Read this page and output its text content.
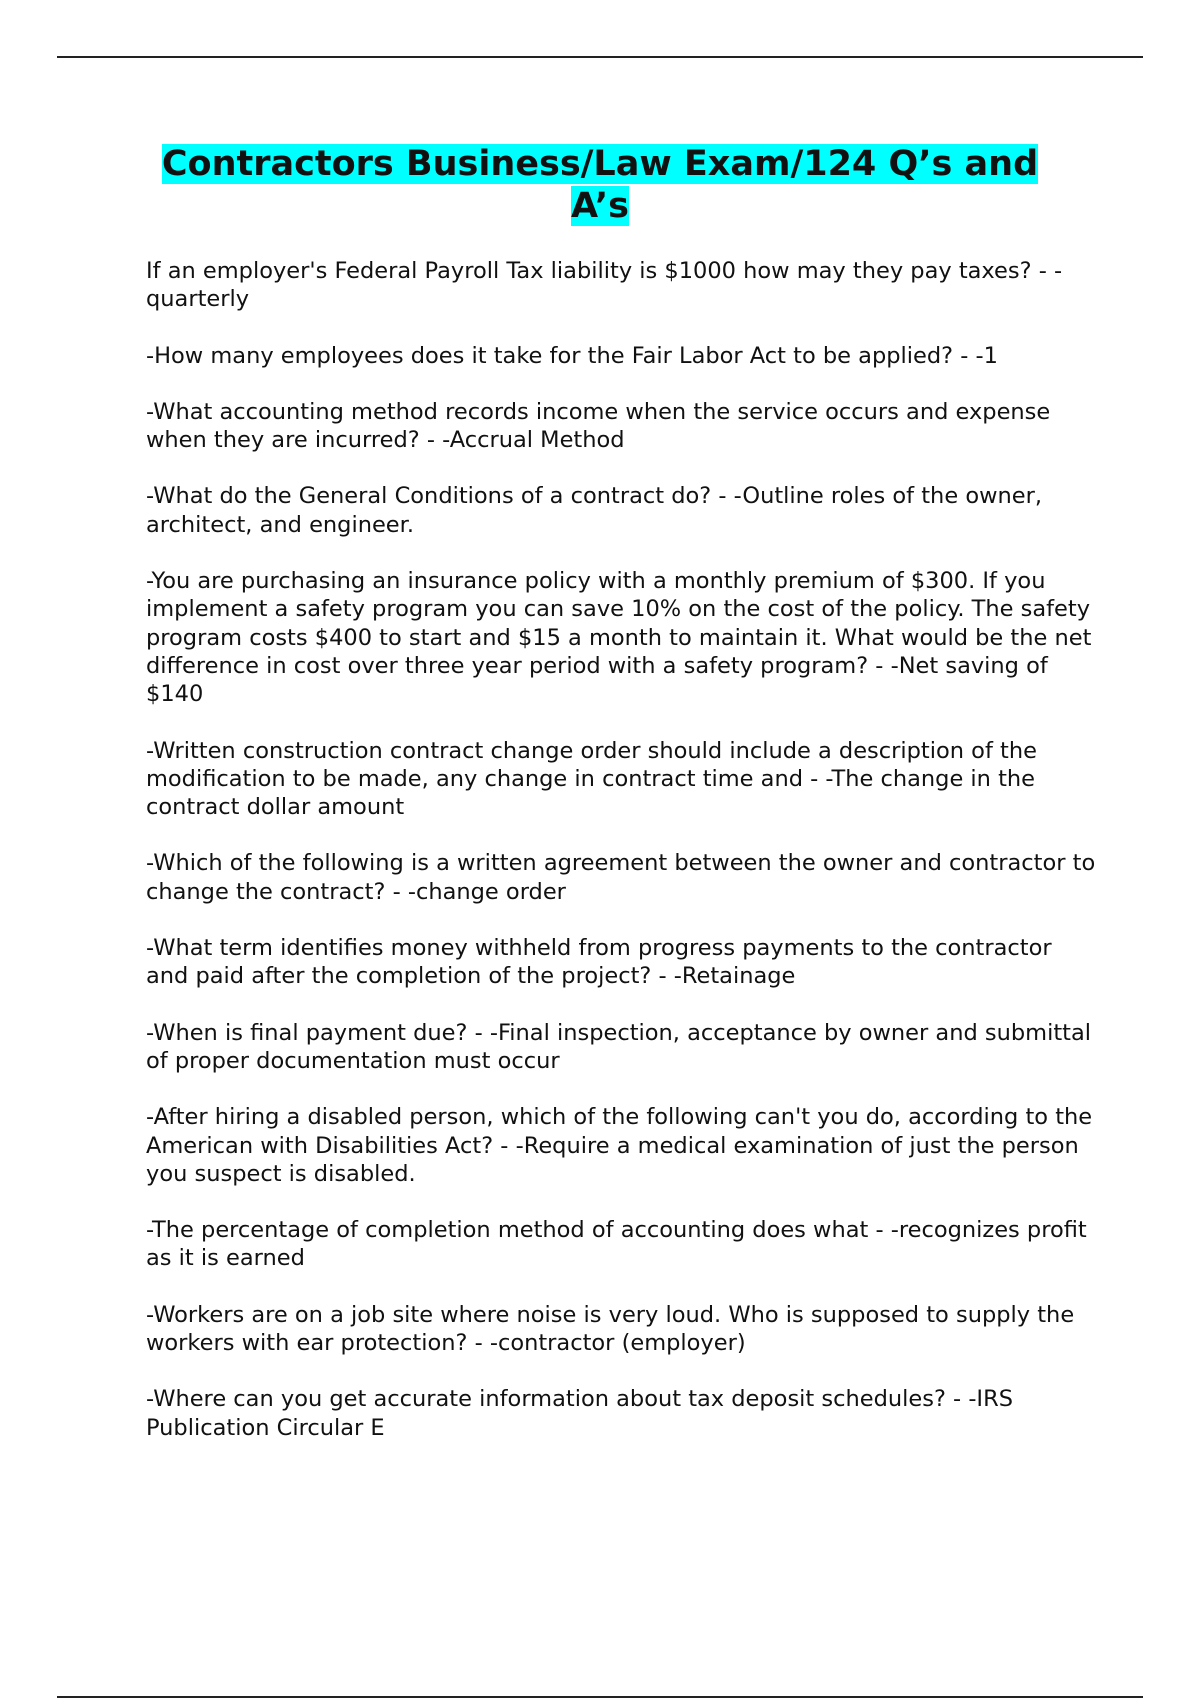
Contractors Business/Law Exam/124 Q’s and A’s

If an employer's Federal Payroll Tax liability is $1000 how may they pay taxes? - -quarterly

-How many employees does it take for the Fair Labor Act to be applied? - -1

-What accounting method records income when the service occurs and expense when they are incurred? - -Accrual Method

-What do the General Conditions of a contract do? - -Outline roles of the owner, architect, and engineer.

-You are purchasing an insurance policy with a monthly premium of $300. If you implement a safety program you can save 10% on the cost of the policy. The safety program costs $400 to start and $15 a month to maintain it. What would be the net difference in cost over three year period with a safety program? - -Net saving of $140

-Written construction contract change order should include a description of the modification to be made, any change in contract time and - -The change in the contract dollar amount

-Which of the following is a written agreement between the owner and contractor to change the contract? - -change order

-What term identifies money withheld from progress payments to the contractor and paid after the completion of the project? - -Retainage

-When is final payment due? - -Final inspection, acceptance by owner and submittal of proper documentation must occur

-After hiring a disabled person, which of the following can't you do, according to the American with Disabilities Act? - -Require a medical examination of just the person you suspect is disabled.

-The percentage of completion method of accounting does what - -recognizes profit as it is earned

-Workers are on a job site where noise is very loud. Who is supposed to supply the workers with ear protection? - -contractor (employer)

-Where can you get accurate information about tax deposit schedules? - -IRS Publication Circular E
